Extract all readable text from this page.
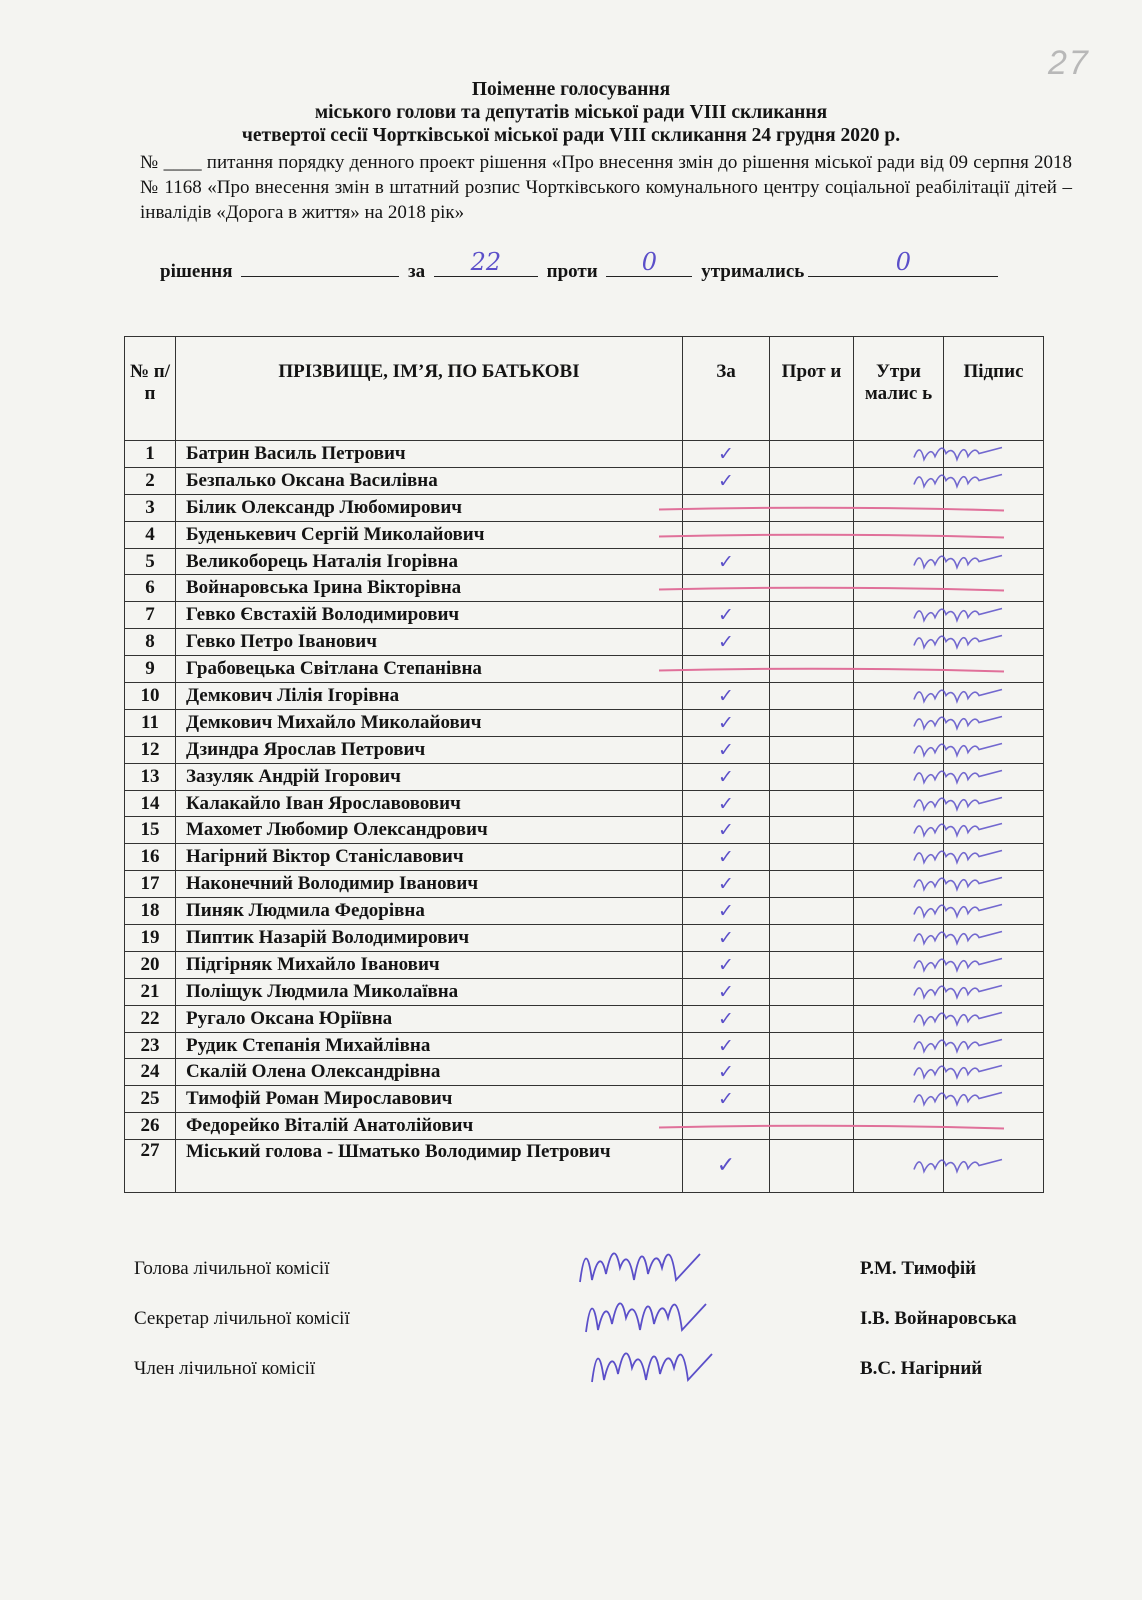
27
Поіменне голосування
міського голови та депутатів міської ради VIII скликання
четвертої сесії Чортківської міської ради VIII скликання 24 грудня 2020 р.
№ ____ питання порядку денного проект рішення «Про внесення змін до рішення міської ради від 09 серпня 2018 № 1168 «Про внесення змін в штатний розпис Чортківського комунального центру соціальної реабілітації дітей – інвалідів «Дорога в життя» на 2018 рік»
рішення	за	22	проти	0	утримались	0
№ п/п	ПРІЗВИЩЕ, ІМ’Я, ПО БАТЬКОВІ	За	Прот и	Утри малис ь	Підпис

1	Батрин Василь Петрович	✓			
2	Безпалько Оксана Василівна	✓			
3	Білик Олександр Любомирович				
4	Буденькевич Сергій Миколайович				
5	Великоборець Наталія Ігорівна	✓			
6	Войнаровська Ірина Вікторівна				
7	Гевко Євстахій Володимирович	✓			
8	Гевко Петро Іванович	✓			
9	Грабовецька Світлана Степанівна				
10	Демкович Лілія Ігорівна	✓			
11	Демкович Михайло Миколайович	✓			
12	Дзиндра Ярослав Петрович	✓			
13	Зазуляк Андрій Ігорович	✓			
14	Калакайло Іван Ярославовович	✓			
15	Махомет Любомир Олександрович	✓			
16	Нагірний Віктор Станіславович	✓			
17	Наконечний Володимир Іванович	✓			
18	Пиняк Людмила Федорівна	✓			
19	Пиптик Назарій Володимирович	✓			
20	Підгірняк Михайло Іванович	✓			
21	Поліщук Людмила Миколаївна	✓			
22	Ругало Оксана Юріївна	✓			
23	Рудик Степанія Михайлівна	✓			
24	Скалій Олена Олександрівна	✓			
25	Тимофій Роман Мирославович	✓			
26	Федорейко Віталій Анатолійович				
27	Міський голова - Шматько Володимир Петрович	✓			
Голова лічильної комісії	Р.М. Тимофій
Секретар лічильної комісії	І.В. Войнаровська
Член лічильної комісії	В.С. Нагірний
